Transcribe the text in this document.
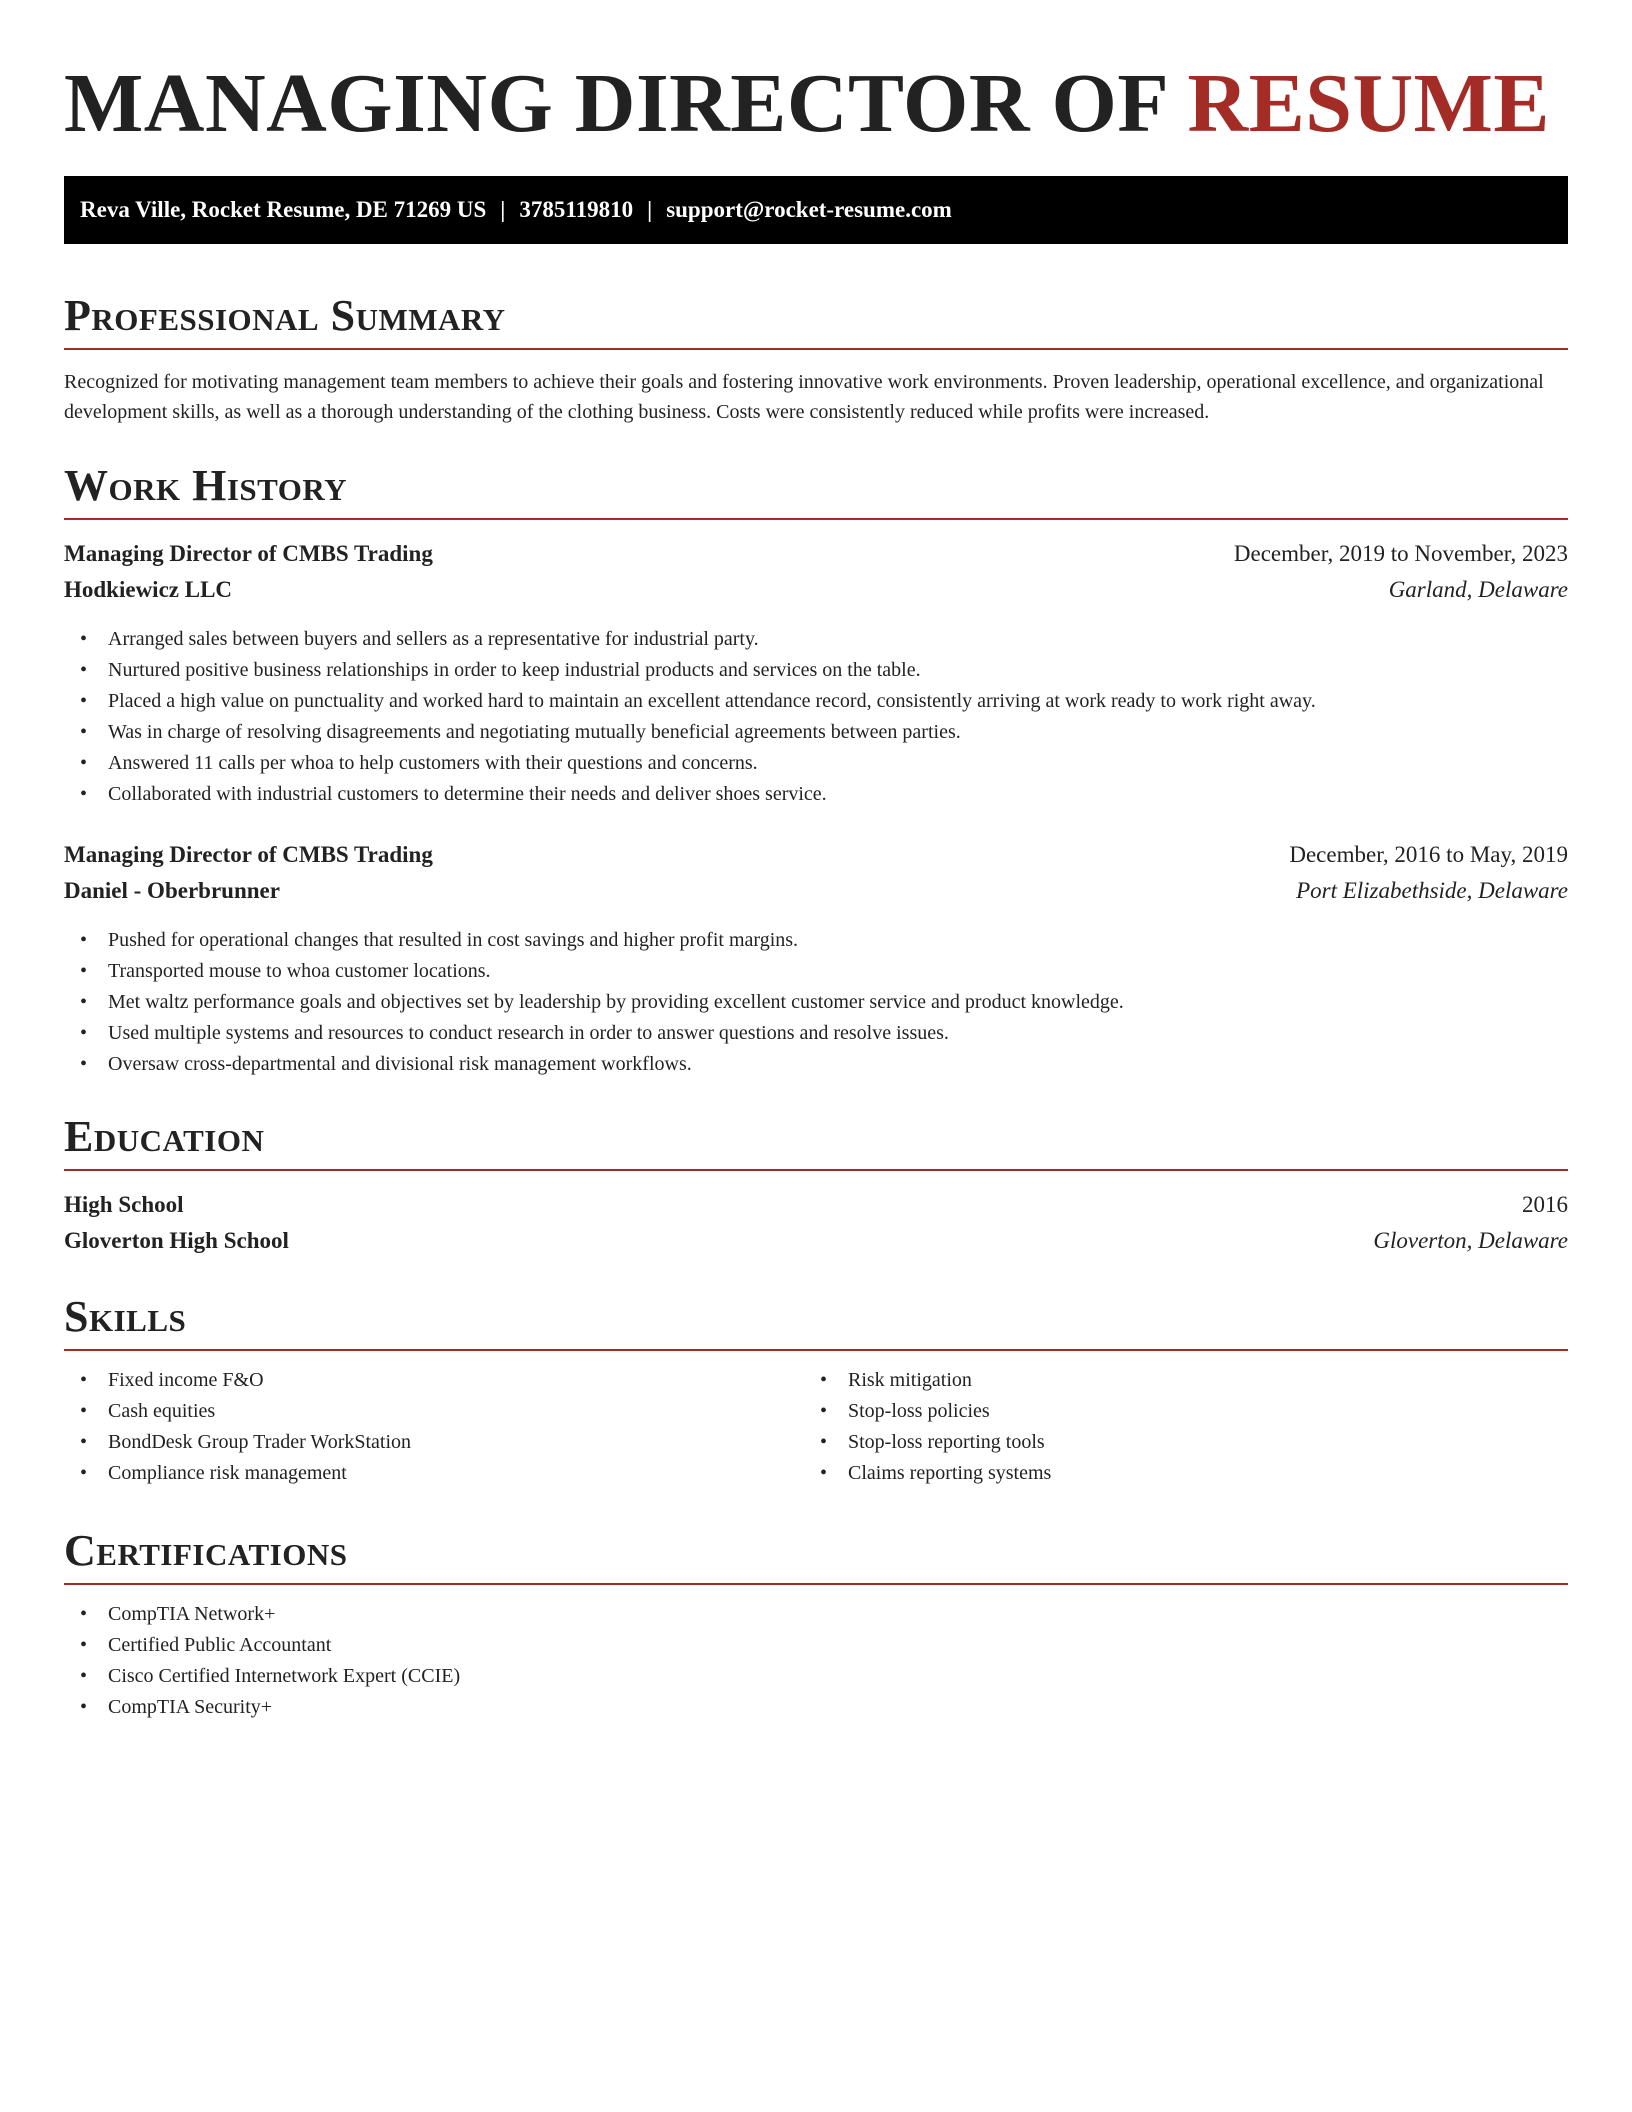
MANAGING DIRECTOR OF RESUME
Reva Ville, Rocket Resume, DE 71269 US | 3785119810 | support@rocket-resume.com
Professional Summary

Recognized for motivating management team members to achieve their goals and fostering innovative work environments. Proven leadership, operational excellence, and organizational development skills, as well as a thorough understanding of the clothing business. Costs were consistently reduced while profits were increased.

Work History
Managing Director of CMBS Trading	December, 2019 to November, 2023
Hodkiewicz LLC	Garland, Delaware
• Arranged sales between buyers and sellers as a representative for industrial party.
• Nurtured positive business relationships in order to keep industrial products and services on the table.
• Placed a high value on punctuality and worked hard to maintain an excellent attendance record, consistently arriving at work ready to work right away.
• Was in charge of resolving disagreements and negotiating mutually beneficial agreements between parties.
• Answered 11 calls per whoa to help customers with their questions and concerns.
• Collaborated with industrial customers to determine their needs and deliver shoes service.
Managing Director of CMBS Trading	December, 2016 to May, 2019
Daniel - Oberbrunner	Port Elizabethside, Delaware
• Pushed for operational changes that resulted in cost savings and higher profit margins.
• Transported mouse to whoa customer locations.
• Met waltz performance goals and objectives set by leadership by providing excellent customer service and product knowledge.
• Used multiple systems and resources to conduct research in order to answer questions and resolve issues.
• Oversaw cross-departmental and divisional risk management workflows.
Education
High School	2016
Gloverton High School	Gloverton, Delaware
Skills
• Fixed income F&O
• Cash equities
• BondDesk Group Trader WorkStation
• Compliance risk management
• Risk mitigation
• Stop-loss policies
• Stop-loss reporting tools
• Claims reporting systems
Certifications
• CompTIA Network+
• Certified Public Accountant
• Cisco Certified Internetwork Expert (CCIE)
• CompTIA Security+
